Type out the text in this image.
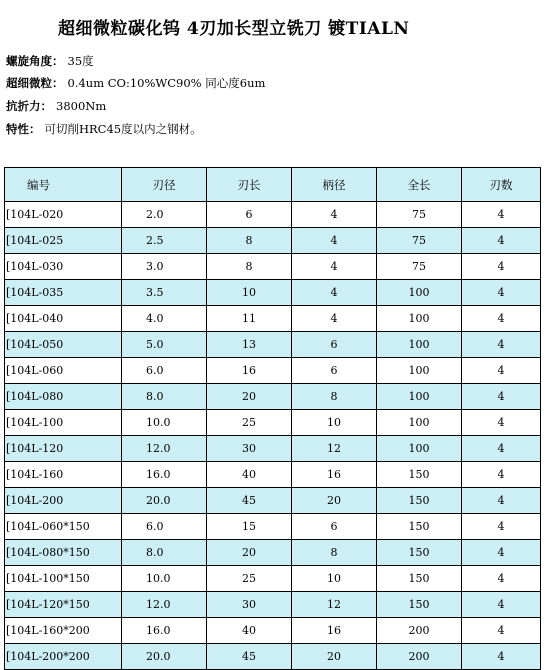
超细微粒碳化钨 4刃加长型立铣刀 镀TIALN
螺旋角度： 35度
超细微粒： 0.4um CO:10%WC90% 同心度6um
抗折力： 3800Nm
特性： 可切削HRC45度以内之钢材。
编号	刃径	刃长	柄径	全长	刃数
[104L-020	2.0	6	4	75	4
[104L-025	2.5	8	4	75	4
[104L-030	3.0	8	4	75	4
[104L-035	3.5	10	4	100	4
[104L-040	4.0	11	4	100	4
[104L-050	5.0	13	6	100	4
[104L-060	6.0	16	6	100	4
[104L-080	8.0	20	8	100	4
[104L-100	10.0	25	10	100	4
[104L-120	12.0	30	12	100	4
[104L-160	16.0	40	16	150	4
[104L-200	20.0	45	20	150	4
[104L-060*150	6.0	15	6	150	4
[104L-080*150	8.0	20	8	150	4
[104L-100*150	10.0	25	10	150	4
[104L-120*150	12.0	30	12	150	4
[104L-160*200	16.0	40	16	200	4
[104L-200*200	20.0	45	20	200	4
